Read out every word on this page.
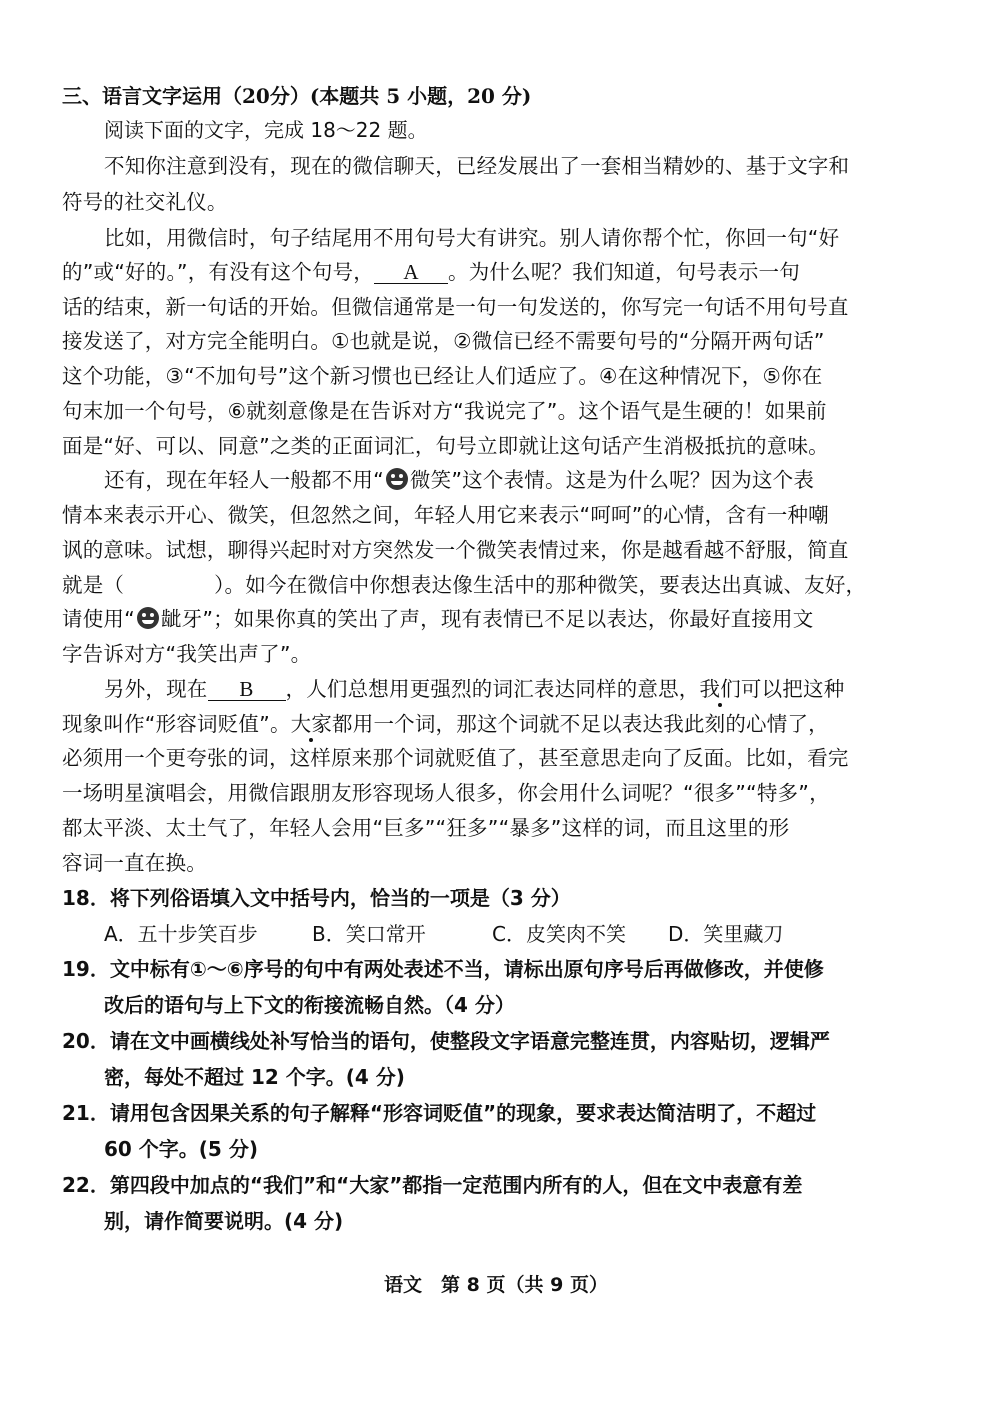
三、语言文字运用（20分）(本题共 5 小题，20 分)
阅读下面的文字，完成 18～22 题。
不知你注意到没有，现在的微信聊天，已经发展出了一套相当精妙的、基于文字和
符号的社交礼仪。
比如，用微信时，句子结尾用不用句号大有讲究。别人请你帮个忙，你回一句“好
的”或“好的。”，有没有这个句号， A 。为什么呢？我们知道，句号表示一句
话的结束，新一句话的开始。但微信通常是一句一句发送的，你写完一句话不用句号直
接发送了，对方完全能明白。①也就是说，②微信已经不需要句号的“分隔开两句话”
这个功能，③“不加句号”这个新习惯也已经让人们适应了。④在这种情况下，⑤你在
句末加一个句号，⑥就刻意像是在告诉对方“我说完了”。这个语气是生硬的！如果前
面是“好、可以、同意”之类的正面词汇，句号立即就让这句话产生消极抵抗的意味。
还有，现在年轻人一般都不用“ 微笑”这个表情。这是为什么呢？因为这个表
情本来表示开心、微笑，但忽然之间，年轻人用它来表示“呵呵”的心情，含有一种嘲
讽的意味。试想，聊得兴起时对方突然发一个微笑表情过来，你是越看越不舒服，简直
就是（	）。如今在微信中你想表达像生活中的那种微笑，要表达出真诚、友好，
请使用“ 龇牙”；如果你真的笑出了声，现有表情已不足以表达，你最好直接用文
字告诉对方“我笑出声了”。
另外，现在 B ，人们总想用更强烈的词汇表达同样的意思，我们可以把这种
现象叫作“形容词贬值”。大家都用一个词，那这个词就不足以表达我此刻的心情了，
必须用一个更夸张的词，这样原来那个词就贬值了，甚至意思走向了反面。比如，看完
一场明星演唱会，用微信跟朋友形容现场人很多，你会用什么词呢？“很多”“特多”，
都太平淡、太土气了，年轻人会用“巨多”“狂多”“暴多”这样的词，而且这里的形
容词一直在换。
18．将下列俗语填入文中括号内，恰当的一项是（3 分）
A．五十步笑百步	B．笑口常开	C．皮笑肉不笑 D．笑里藏刀
19．文中标有①～⑥序号的句中有两处表述不当，请标出原句序号后再做修改，并使修
改后的语句与上下文的衔接流畅自然。（4 分）
20．请在文中画横线处补写恰当的语句，使整段文字语意完整连贯，内容贴切，逻辑严
密，每处不超过 12 个字。(4 分)
21．请用包含因果关系的句子解释“形容词贬值”的现象，要求表达简洁明了，不超过
60 个字。(5 分)
22．第四段中加点的“我们”和“大家”都指一定范围内所有的人，但在文中表意有差
别，请作简要说明。(4 分)
语文　第 8 页（共 9 页）
